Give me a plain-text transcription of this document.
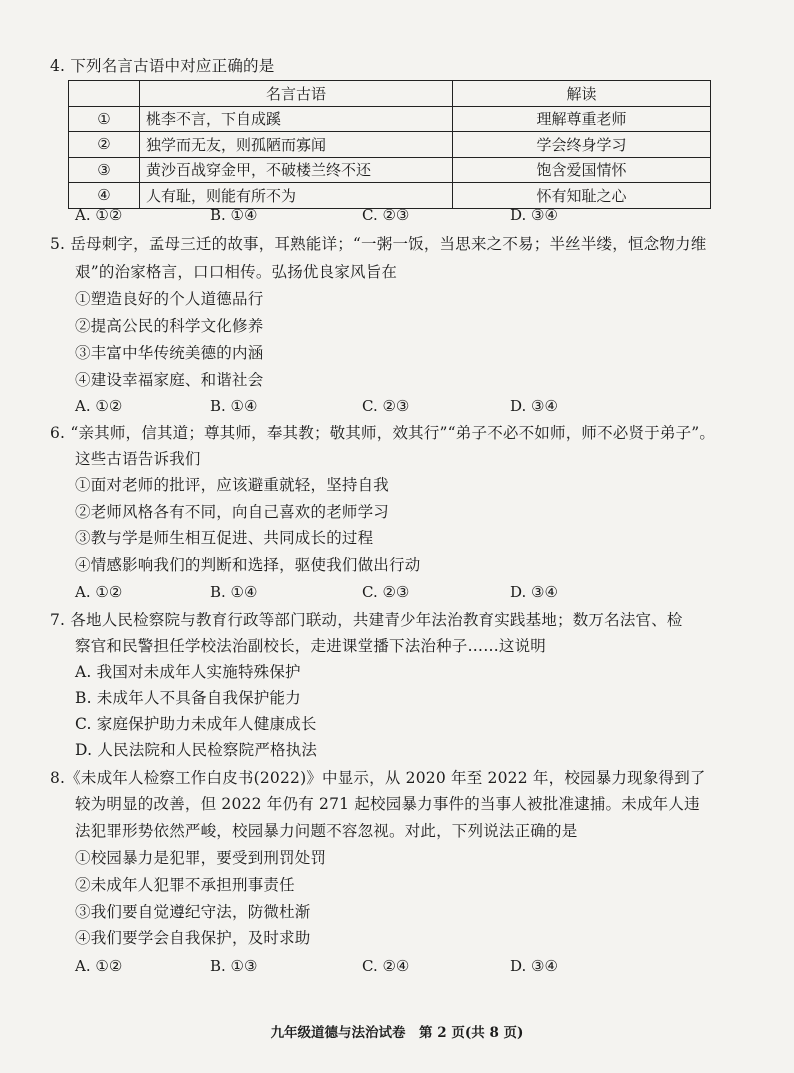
4. 下列名言古语中对应正确的是
	名言古语	解读
①	桃李不言，下自成蹊	理解尊重老师
②	独学而无友，则孤陋而寡闻	学会终身学习
③	黄沙百战穿金甲，不破楼兰终不还	饱含爱国情怀
④	人有耻，则能有所不为	怀有知耻之心
A. ①②	B. ①④	C. ②③	D. ③④
5. 岳母刺字，孟母三迁的故事，耳熟能详；“一粥一饭，当思来之不易；半丝半缕，恒念物力维
艰”的治家格言，口口相传。弘扬优良家风旨在
①塑造良好的个人道德品行
②提高公民的科学文化修养
③丰富中华传统美德的内涵
④建设幸福家庭、和谐社会
A. ①②	B. ①④	C. ②③	D. ③④
6. “亲其师，信其道；尊其师，奉其教；敬其师，效其行”“弟子不必不如师，师不必贤于弟子”。
这些古语告诉我们
①面对老师的批评，应该避重就轻，坚持自我
②老师风格各有不同，向自己喜欢的老师学习
③教与学是师生相互促进、共同成长的过程
④情感影响我们的判断和选择，驱使我们做出行动
A. ①②	B. ①④	C. ②③	D. ③④
7. 各地人民检察院与教育行政等部门联动，共建青少年法治教育实践基地；数万名法官、检
察官和民警担任学校法治副校长，走进课堂播下法治种子……这说明
A. 我国对未成年人实施特殊保护
B. 未成年人不具备自我保护能力
C. 家庭保护助力未成年人健康成长
D. 人民法院和人民检察院严格执法
8.《未成年人检察工作白皮书(2022)》中显示，从 2020 年至 2022 年，校园暴力现象得到了
较为明显的改善，但 2022 年仍有 271 起校园暴力事件的当事人被批准逮捕。未成年人违
法犯罪形势依然严峻，校园暴力问题不容忽视。对此，下列说法正确的是
①校园暴力是犯罪，要受到刑罚处罚
②未成年人犯罪不承担刑事责任
③我们要自觉遵纪守法，防微杜渐
④我们要学会自我保护，及时求助
A. ①②	B. ①③	C. ②④	D. ③④
九年级道德与法治试卷　第 2 页(共 8 页)
